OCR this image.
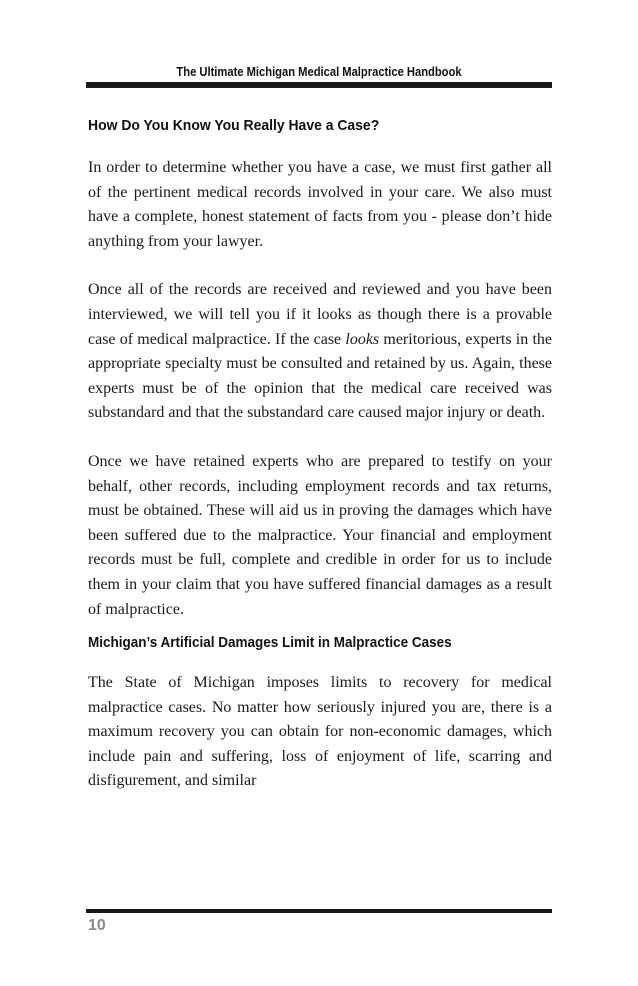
The Ultimate Michigan Medical Malpractice Handbook
How Do You Know You Really Have a Case?

In order to determine whether you have a case, we must first gather all of the pertinent medical records involved in your care. We also must have a complete, honest statement of facts from you - please don’t hide anything from your lawyer.

Once all of the records are received and reviewed and you have been interviewed, we will tell you if it looks as though there is a provable case of medical malpractice. If the case looks meritorious, experts in the appropriate specialty must be consulted and retained by us. Again, these experts must be of the opinion that the medical care received was substandard and that the substandard care caused major injury or death.

Once we have retained experts who are prepared to testify on your behalf, other records, including employment records and tax returns, must be obtained. These will aid us in proving the damages which have been suffered due to the malpractice. Your financial and employment records must be full, complete and credible in order for us to include them in your claim that you have suffered financial damages as a result of malpractice.

Michigan’s Artificial Damages Limit in Malpractice Cases

The State of Michigan imposes limits to recovery for medical malpractice cases. No matter how seriously injured you are, there is a maximum recovery you can obtain for non-economic damages, which include pain and suffering, loss of enjoyment of life, scarring and disfigurement, and similar

10
